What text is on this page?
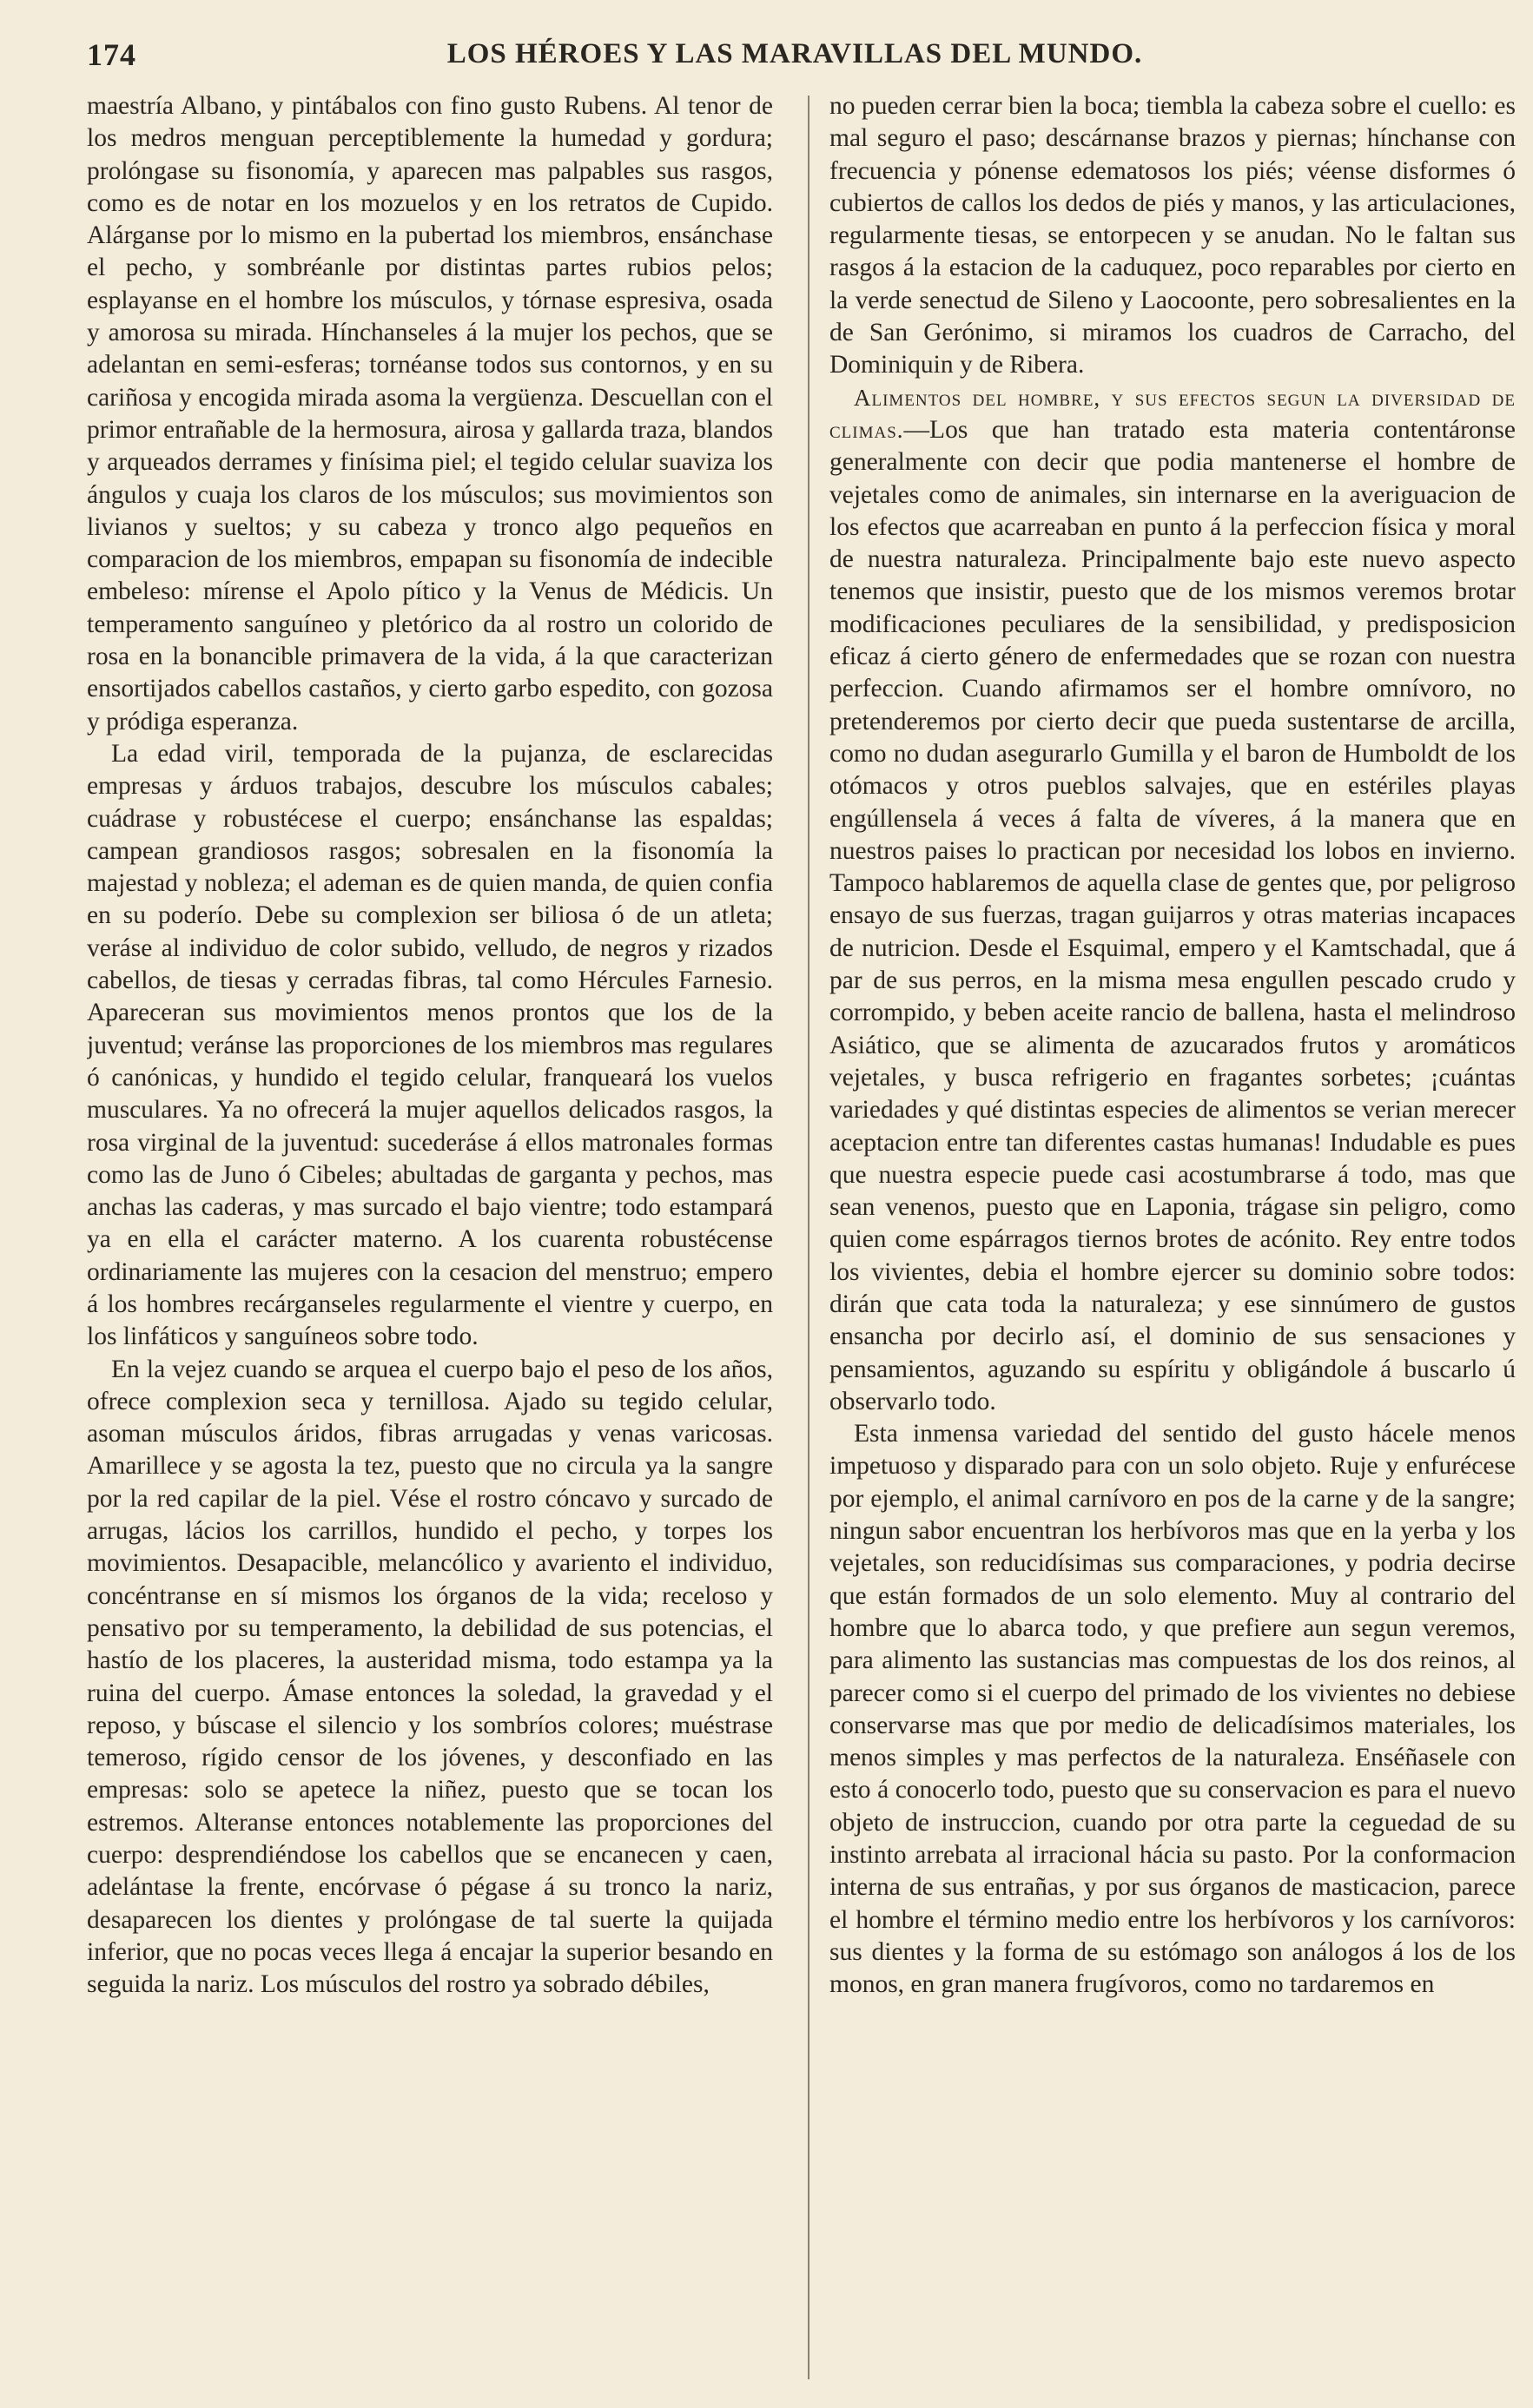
174	LOS HÉROES Y LAS MARAVILLAS DEL MUNDO.

maestría Albano, y pintábalos con fino gusto Rubens. Al tenor de los medros menguan perceptiblemente la humedad y gordura; prolóngase su fisonomía, y aparecen mas palpables sus rasgos, como es de notar en los mozuelos y en los retratos de Cupido. Alárganse por lo mismo en la pubertad los miembros, ensánchase el pecho, y sombréanle por distintas partes rubios pelos; esplayanse en el hombre los músculos, y tórnase espresiva, osada y amorosa su mirada. Hínchanseles á la mujer los pechos, que se adelantan en semi-esferas; tornéanse todos sus contornos, y en su cariñosa y encogida mirada asoma la vergüenza. Descuellan con el primor entrañable de la hermosura, airosa y gallarda traza, blandos y arqueados derrames y finísima piel; el tegido celular suaviza los ángulos y cuaja los claros de los músculos; sus movimientos son livianos y sueltos; y su cabeza y tronco algo pequeños en comparacion de los miembros, empapan su fisonomía de indecible embeleso: mírense el Apolo pítico y la Venus de Médicis. Un temperamento sanguíneo y pletórico da al rostro un colorido de rosa en la bonancible primavera de la vida, á la que caracterizan ensortijados cabellos castaños, y cierto garbo espedito, con gozosa y pródiga esperanza.

La edad viril, temporada de la pujanza, de esclarecidas empresas y árduos trabajos, descubre los músculos cabales; cuádrase y robustécese el cuerpo; ensánchanse las espaldas; campean grandiosos rasgos; sobresalen en la fisonomía la majestad y nobleza; el ademan es de quien manda, de quien confia en su poderío. Debe su complexion ser biliosa ó de un atleta; veráse al individuo de color subido, velludo, de negros y rizados cabellos, de tiesas y cerradas fibras, tal como Hércules Farnesio. Apareceran sus movimientos menos prontos que los de la juventud; veránse las proporciones de los miembros mas regulares ó canónicas, y hundido el tegido celular, franqueará los vuelos musculares. Ya no ofrecerá la mujer aquellos delicados rasgos, la rosa virginal de la juventud: sucederáse á ellos matronales formas como las de Juno ó Cibeles; abultadas de garganta y pechos, mas anchas las caderas, y mas surcado el bajo vientre; todo estampará ya en ella el carácter materno. A los cuarenta robustécense ordinariamente las mujeres con la cesacion del menstruo; empero á los hombres recárganseles regularmente el vientre y cuerpo, en los linfáticos y sanguíneos sobre todo.

En la vejez cuando se arquea el cuerpo bajo el peso de los años, ofrece complexion seca y ternillosa. Ajado su tegido celular, asoman músculos áridos, fibras arrugadas y venas varicosas. Amarillece y se agosta la tez, puesto que no circula ya la sangre por la red capilar de la piel. Vése el rostro cóncavo y surcado de arrugas, lácios los carrillos, hundido el pecho, y torpes los movimientos. Desapacible, melancólico y avariento el individuo, concéntranse en sí mismos los órganos de la vida; receloso y pensativo por su temperamento, la debilidad de sus potencias, el hastío de los placeres, la austeridad misma, todo estampa ya la ruina del cuerpo. Ámase entonces la soledad, la gravedad y el reposo, y búscase el silencio y los sombríos colores; muéstrase temeroso, rígido censor de los jóvenes, y desconfiado en las empresas: solo se apetece la niñez, puesto que se tocan los estremos. Alteranse entonces notablemente las proporciones del cuerpo: desprendiéndose los cabellos que se encanecen y caen, adelántase la frente, encórvase ó pégase á su tronco la nariz, desaparecen los dientes y prolóngase de tal suerte la quijada inferior, que no pocas veces llega á encajar la superior besando en seguida la nariz. Los músculos del rostro ya sobrado débiles,

no pueden cerrar bien la boca; tiembla la cabeza sobre el cuello: es mal seguro el paso; descárnanse brazos y piernas; hínchanse con frecuencia y pónense edematosos los piés; véense disformes ó cubiertos de callos los dedos de piés y manos, y las articulaciones, regularmente tiesas, se entorpecen y se anudan. No le faltan sus rasgos á la estacion de la caduquez, poco reparables por cierto en la verde senectud de Sileno y Laocoonte, pero sobresalientes en la de San Gerónimo, si miramos los cuadros de Carracho, del Dominiquin y de Ribera.

Alimentos del hombre, y sus efectos segun la diversidad de climas.—Los que han tratado esta materia contentáronse generalmente con decir que podia mantenerse el hombre de vejetales como de animales, sin internarse en la averiguacion de los efectos que acarreaban en punto á la perfeccion física y moral de nuestra naturaleza. Principalmente bajo este nuevo aspecto tenemos que insistir, puesto que de los mismos veremos brotar modificaciones peculiares de la sensibilidad, y predisposicion eficaz á cierto género de enfermedades que se rozan con nuestra perfeccion. Cuando afirmamos ser el hombre omnívoro, no pretenderemos por cierto decir que pueda sustentarse de arcilla, como no dudan asegurarlo Gumilla y el baron de Humboldt de los otómacos y otros pueblos salvajes, que en estériles playas engúllensela á veces á falta de víveres, á la manera que en nuestros paises lo practican por necesidad los lobos en invierno. Tampoco hablaremos de aquella clase de gentes que, por peligroso ensayo de sus fuerzas, tragan guijarros y otras materias incapaces de nutricion. Desde el Esquimal, empero y el Kamtschadal, que á par de sus perros, en la misma mesa engullen pescado crudo y corrompido, y beben aceite rancio de ballena, hasta el melindroso Asiático, que se alimenta de azucarados frutos y aromáticos vejetales, y busca refrigerio en fragantes sorbetes; ¡cuántas variedades y qué distintas especies de alimentos se verian merecer aceptacion entre tan diferentes castas humanas! Indudable es pues que nuestra especie puede casi acostumbrarse á todo, mas que sean venenos, puesto que en Laponia, trágase sin peligro, como quien come espárragos tiernos brotes de acónito. Rey entre todos los vivientes, debia el hombre ejercer su dominio sobre todos: dirán que cata toda la naturaleza; y ese sinnúmero de gustos ensancha por decirlo así, el dominio de sus sensaciones y pensamientos, aguzando su espíritu y obligándole á buscarlo ú observarlo todo.

Esta inmensa variedad del sentido del gusto hácele menos impetuoso y disparado para con un solo objeto. Ruje y enfurécese por ejemplo, el animal carnívoro en pos de la carne y de la sangre; ningun sabor encuentran los herbívoros mas que en la yerba y los vejetales, son reducidísimas sus comparaciones, y podria decirse que están formados de un solo elemento. Muy al contrario del hombre que lo abarca todo, y que prefiere aun segun veremos, para alimento las sustancias mas compuestas de los dos reinos, al parecer como si el cuerpo del primado de los vivientes no debiese conservarse mas que por medio de delicadísimos materiales, los menos simples y mas perfectos de la naturaleza. Enséñasele con esto á conocerlo todo, puesto que su conservacion es para el nuevo objeto de instruccion, cuando por otra parte la ceguedad de su instinto arrebata al irracional hácia su pasto. Por la conformacion interna de sus entrañas, y por sus órganos de masticacion, parece el hombre el término medio entre los herbívoros y los carnívoros: sus dientes y la forma de su estómago son análogos á los de los monos, en gran manera frugívoros, como no tardaremos en
